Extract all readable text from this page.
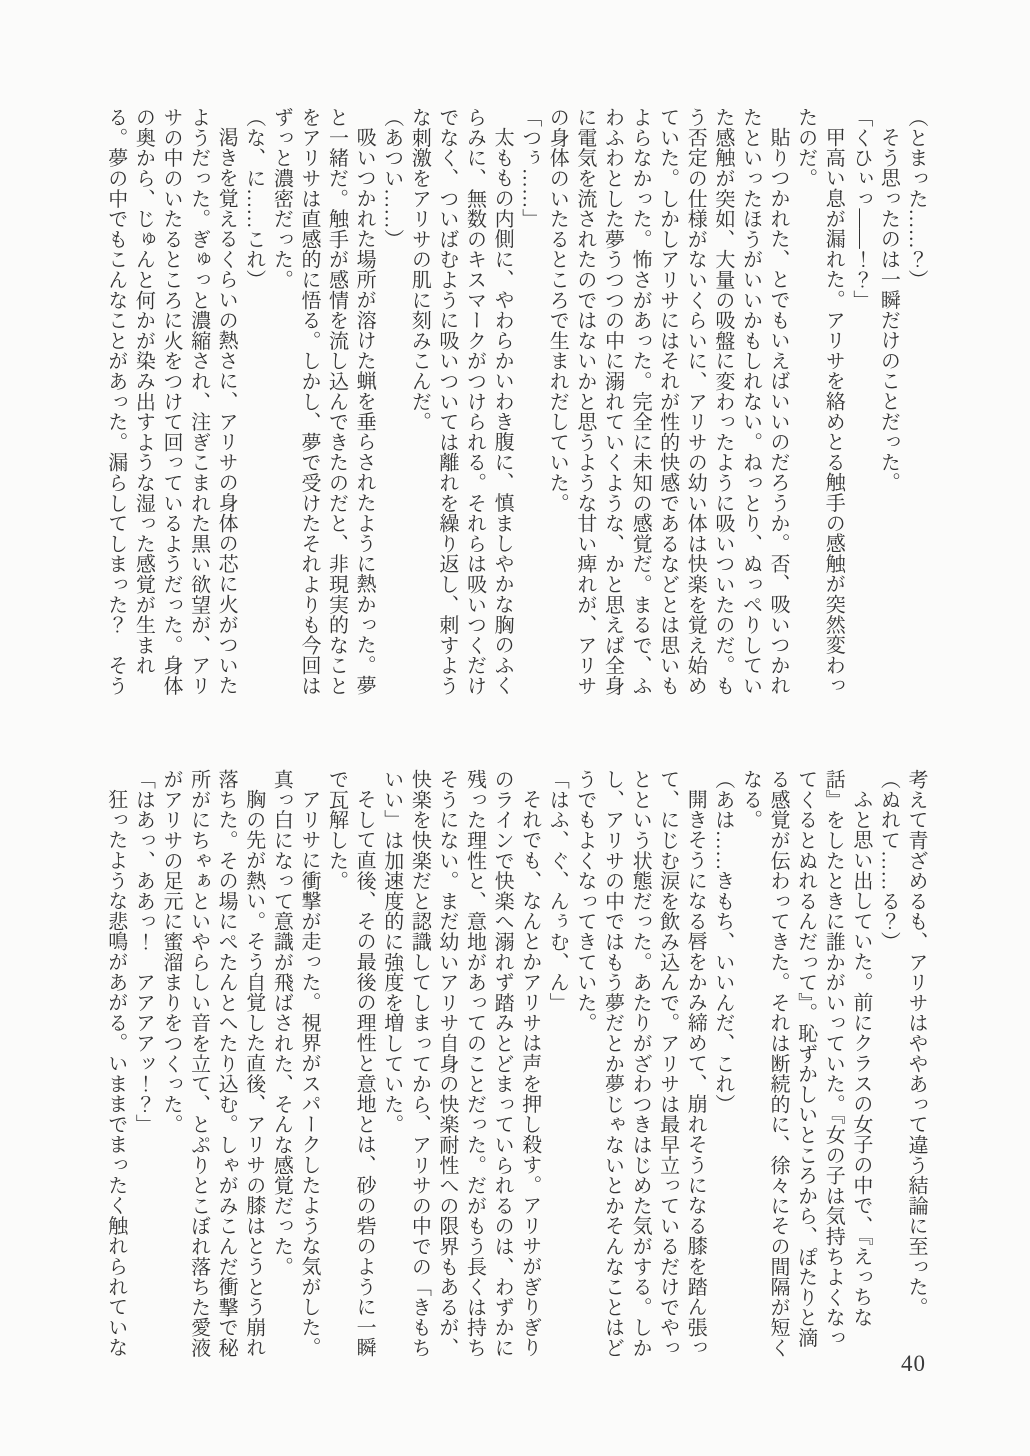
（とまった……？）
そう思ったのは一瞬だけのことだった。
「くひぃっ――！？」
甲高い息が漏れた。アリサを絡めとる触手の感触が突然変わっ
たのだ。
貼りつかれた、とでもいえばいいのだろうか。否、吸いつかれ
たといったほうがいいかもしれない。ねっとり、ぬっぺりしてい
た感触が突如、大量の吸盤に変わったように吸いついたのだ。も
う否定の仕様がないくらいに、アリサの幼い体は快楽を覚え始め
ていた。しかしアリサにはそれが性的快感であるなどとは思いも
よらなかった。怖さがあった。完全に未知の感覚だ。まるで、ふ
わふわとした夢うつつの中に溺れていくような、かと思えば全身
に電気を流されたのではないかと思うような甘い痺れが、アリサ
の身体のいたるところで生まれだしていた。
「つぅ……」
太ももの内側に、やわらかいわき腹に、慎ましやかな胸のふく
らみに、無数のキスマークがつけられる。それらは吸いつくだけ
でなく、ついばむように吸いついては離れを繰り返し、刺すよう
な刺激をアリサの肌に刻みこんだ。
（あつい……）
吸いつかれた場所が溶けた蝋を垂らされたように熱かった。夢
と一緒だ。触手が感情を流し込んできたのだと、非現実的なこと
をアリサは直感的に悟る。しかし、夢で受けたそれよりも今回は
ずっと濃密だった。
（な、に……これ）
渇きを覚えるくらいの熱さに、アリサの身体の芯に火がついた
ようだった。ぎゅっと濃縮され、注ぎこまれた黒い欲望が、アリ
サの中のいたるところに火をつけて回っているようだった。身体
の奥から、じゅんと何かが染み出すような湿った感覚が生まれ
る。夢の中でもこんなことがあった。漏らしてしまった？　そう
考えて青ざめるも、アリサはややあって違う結論に至った。
（ぬれて……る？）
ふと思い出していた。前にクラスの女子の中で、『えっちな
話』をしたときに誰かがいっていた。『女の子は気持ちよくなっ
てくるとぬれるんだって』。恥ずかしいところから、ぽたりと滴
る感覚が伝わってきた。それは断続的に、徐々にその間隔が短く
なる。
（あは……きもち、いいんだ、これ）
開きそうになる唇をかみ締めて、崩れそうになる膝を踏ん張っ
て、にじむ涙を飲み込んで。アリサは最早立っているだけでやっ
とという状態だった。あたりがざわつきはじめた気がする。しか
し、アリサの中ではもう夢だとか夢じゃないとかそんなことはど
うでもよくなってきていた。
「はふ、ぐ、んぅむ、ん」
それでも、なんとかアリサは声を押し殺す。アリサがぎりぎり
のラインで快楽へ溺れず踏みとどまっていられるのは、わずかに
残った理性と、意地があってのことだった。だがもう長くは持ち
そうにない。まだ幼いアリサ自身の快楽耐性への限界もあるが、
快楽を快楽だと認識してしまってから、アリサの中での「きもち
いい」は加速度的に強度を増していた。
そして直後、その最後の理性と意地とは、砂の砦のように一瞬
で瓦解した。
アリサに衝撃が走った。視界がスパークしたような気がした。
真っ白になって意識が飛ばされた、そんな感覚だった。
胸の先が熱い。そう自覚した直後、アリサの膝はとうとう崩れ
落ちた。その場にぺたんとへたり込む。しゃがみこんだ衝撃で秘
所がにちゃぁといやらしい音を立て、とぷりとこぼれ落ちた愛液
がアリサの足元に蜜溜まりをつくった。
「はあっ、ああっ！　アアアアッ！？」
狂ったような悲鳴があがる。いままでまったく触れられていな
40
